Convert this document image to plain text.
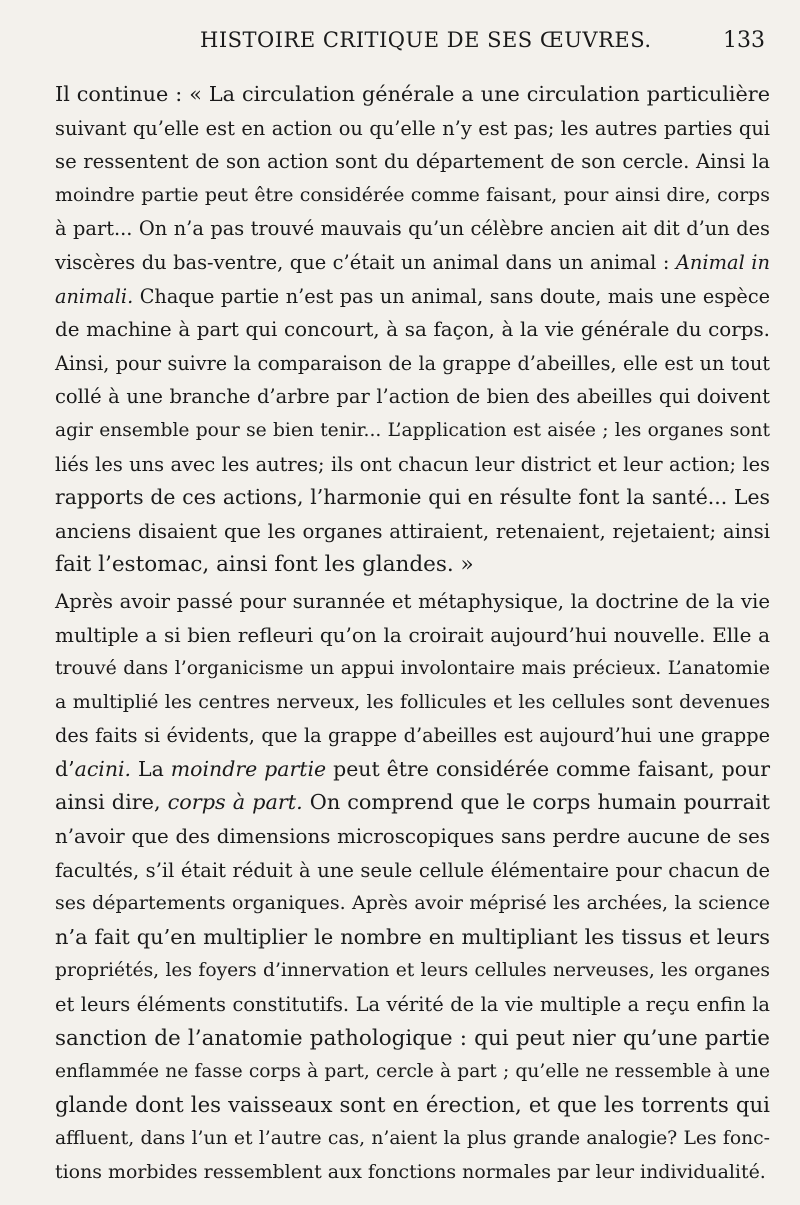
HISTOIRE CRITIQUE DE SES ŒUVRES.	133
Il continue : « La circulation générale a une circulation particulière
suivant qu’elle est en action ou qu’elle n’y est pas; les autres parties qui
se ressentent de son action sont du département de son cercle. Ainsi la
moindre partie peut être considérée comme faisant, pour ainsi dire, corps
à part... On n’a pas trouvé mauvais qu’un célèbre ancien ait dit d’un des
viscères du bas-ventre, que c’était un animal dans un animal : Animal in
animali. Chaque partie n’est pas un animal, sans doute, mais une espèce
de machine à part qui concourt, à sa façon, à la vie générale du corps.
Ainsi, pour suivre la comparaison de la grappe d’abeilles, elle est un tout
collé à une branche d’arbre par l’action de bien des abeilles qui doivent
agir ensemble pour se bien tenir... L’application est aisée ; les organes sont
liés les uns avec les autres; ils ont chacun leur district et leur action; les
rapports de ces actions, l’harmonie qui en résulte font la santé... Les
anciens disaient que les organes attiraient, retenaient, rejetaient; ainsi
fait l’estomac, ainsi font les glandes. »
Après avoir passé pour surannée et métaphysique, la doctrine de la vie
multiple a si bien refleuri qu’on la croirait aujourd’hui nouvelle. Elle a
trouvé dans l’organicisme un appui involontaire mais précieux. L’anatomie
a multiplié les centres nerveux, les follicules et les cellules sont devenues
des faits si évidents, que la grappe d’abeilles est aujourd’hui une grappe
d’acini. La moindre partie peut être considérée comme faisant, pour
ainsi dire, corps à part. On comprend que le corps humain pourrait
n’avoir que des dimensions microscopiques sans perdre aucune de ses
facultés, s’il était réduit à une seule cellule élémentaire pour chacun de
ses départements organiques. Après avoir méprisé les archées, la science
n’a fait qu’en multiplier le nombre en multipliant les tissus et leurs
propriétés, les foyers d’innervation et leurs cellules nerveuses, les organes
et leurs éléments constitutifs. La vérité de la vie multiple a reçu enfin la
sanction de l’anatomie pathologique : qui peut nier qu’une partie
enflammée ne fasse corps à part, cercle à part ; qu’elle ne ressemble à une
glande dont les vaisseaux sont en érection, et que les torrents qui
affluent, dans l’un et l’autre cas, n’aient la plus grande analogie? Les fonc-
tions morbides ressemblent aux fonctions normales par leur individualité.
